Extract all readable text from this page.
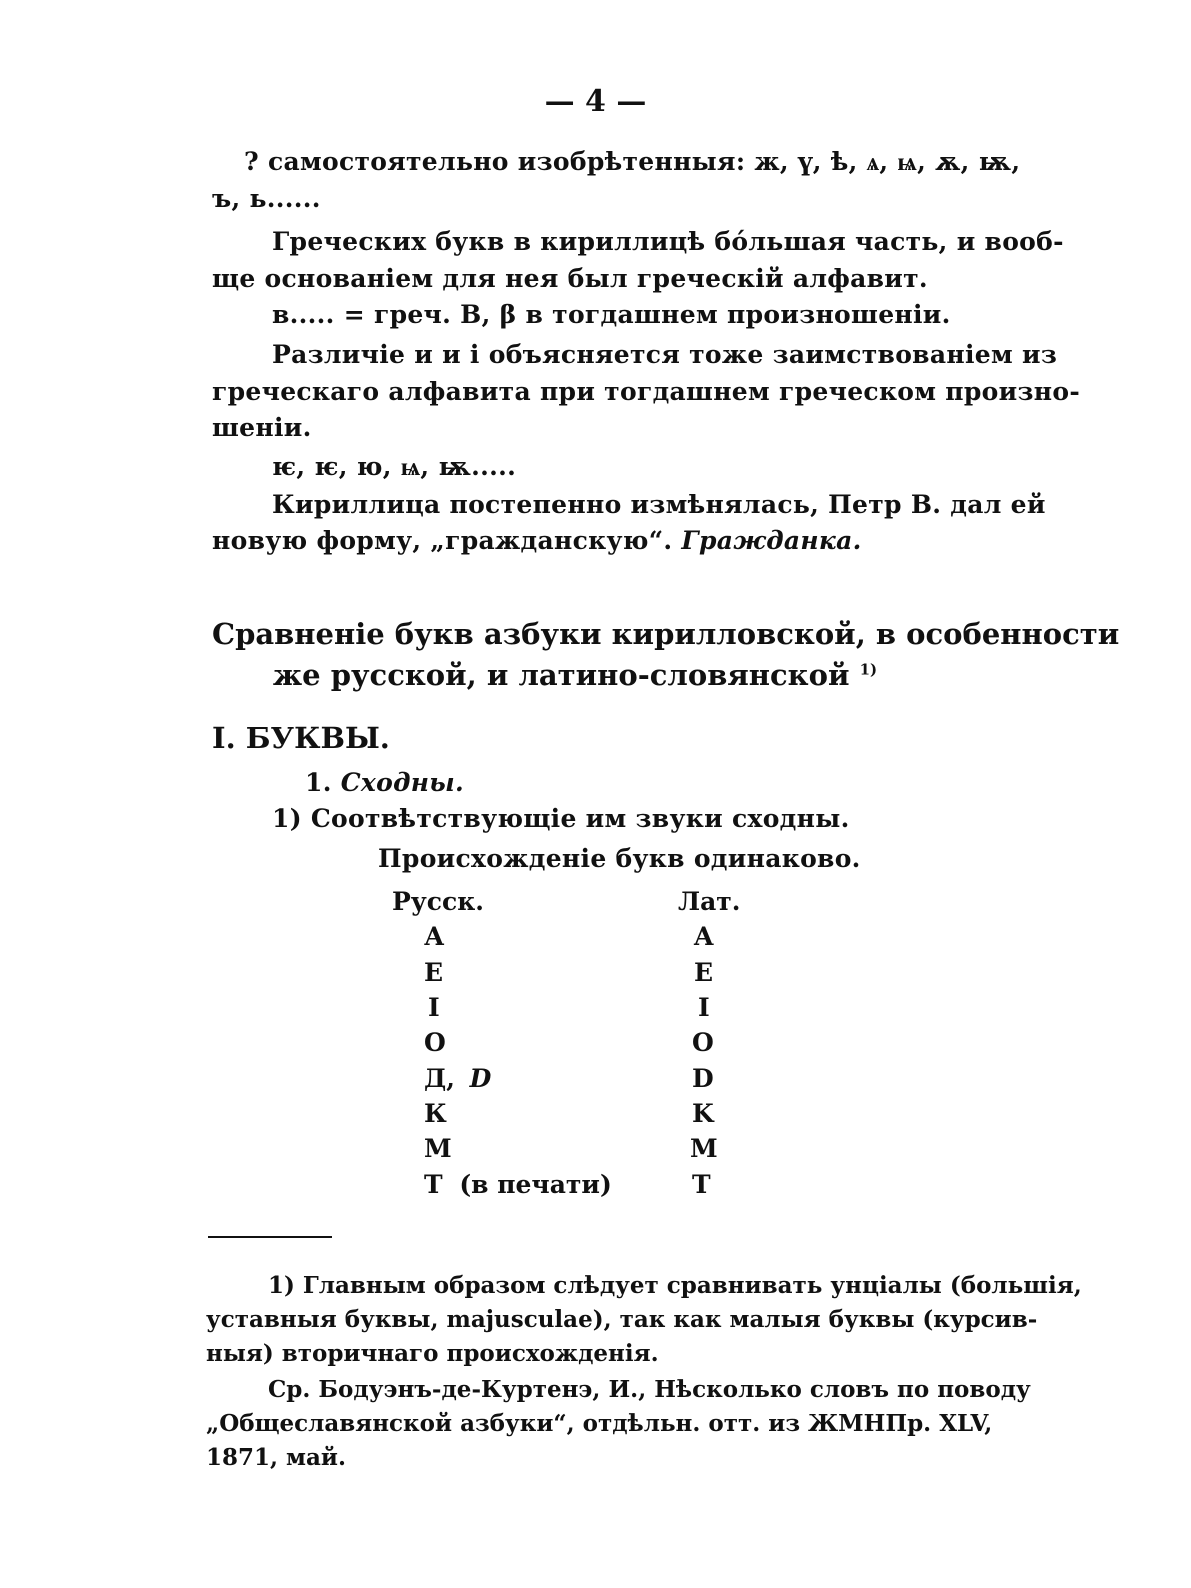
— 4 —
? самостоятельно изобрѣтенныя: ж, ү, ѣ, ѧ, ѩ, ѫ, ѭ,
ъ, ь......
Греческих букв в кириллицѣ бо́льшая часть, и вооб-
ще основаніем для нея был греческій алфавит.
в..... = греч. B, β в тогдашнем произношеніи.
Различіе и и і объясняется тоже заимствованіем из
греческаго алфавита при тогдашнем греческом произно-
шеніи.
ѥ, ѥ, ю, ѩ, ѭ.....
Кириллица постепенно измѣнялась, Петр В. дал ей
новую форму, „гражданскую“. Гражданка.
Сравненіе букв азбуки кирилловской, в особенности
же русской, и латино-словянской $^{1)}$
I. БУКВЫ.
1. Сходны.
1) Соотвѣтствующіе им звуки сходны.
Происхожденіе букв одинаково.
Русск.	Лат.
А	A
Е	E
I	I
О	O
Д, D	D
К	K
М	M
Т (в печати)	T
1) Главным образом слѣдует сравнивать унціалы (большія,
уставныя буквы, majusculae), так как малыя буквы (курсив-
ныя) вторичнаго происхожденія.
Ср. Бодуэнъ-де-Куртенэ, И., Нѣсколько словъ по поводу
„Общеславянской азбуки“, отдѣльн. отт. из ЖМНПр. XLV,
1871, май.
